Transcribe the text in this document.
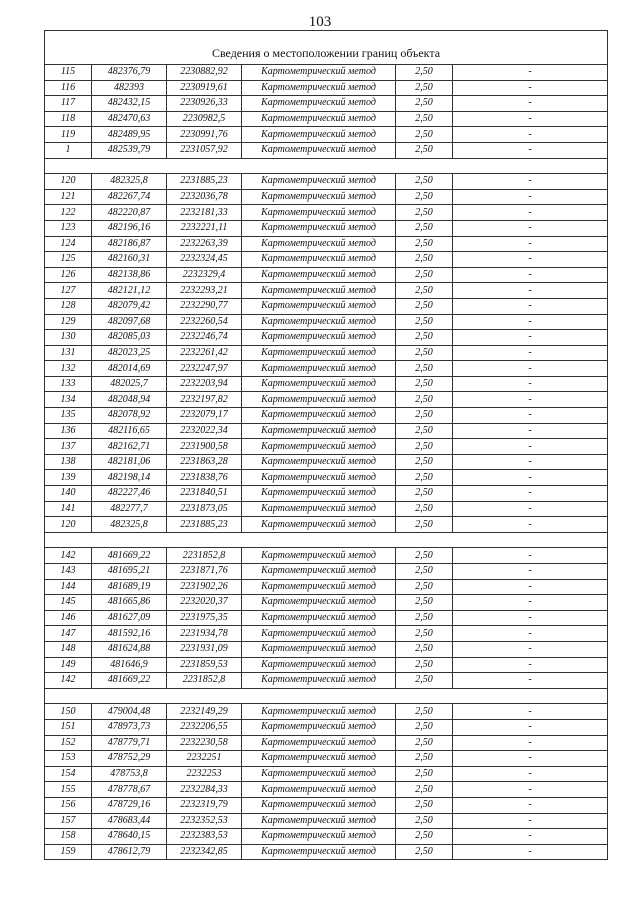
103
Сведения о местоположении границ объекта					
115	482376,79	2230882,92	Картометрический метод	2,50	-
116	482393	2230919,61	Картометрический метод	2,50	-
117	482432,15	2230926,33	Картометрический метод	2,50	-
118	482470,63	2230982,5	Картометрический метод	2,50	-
119	482489,95	2230991,76	Картометрический метод	2,50	-
1	482539,79	2231057,92	Картометрический метод	2,50	-

120	482325,8	2231885,23	Картометрический метод	2,50	-
121	482267,74	2232036,78	Картометрический метод	2,50	-
122	482220,87	2232181,33	Картометрический метод	2,50	-
123	482196,16	2232221,11	Картометрический метод	2,50	-
124	482186,87	2232263,39	Картометрический метод	2,50	-
125	482160,31	2232324,45	Картометрический метод	2,50	-
126	482138,86	2232329,4	Картометрический метод	2,50	-
127	482121,12	2232293,21	Картометрический метод	2,50	-
128	482079,42	2232290,77	Картометрический метод	2,50	-
129	482097,68	2232260,54	Картометрический метод	2,50	-
130	482085,03	2232246,74	Картометрический метод	2,50	-
131	482023,25	2232261,42	Картометрический метод	2,50	-
132	482014,69	2232247,97	Картометрический метод	2,50	-
133	482025,7	2232203,94	Картометрический метод	2,50	-
134	482048,94	2232197,82	Картометрический метод	2,50	-
135	482078,92	2232079,17	Картометрический метод	2,50	-
136	482116,65	2232022,34	Картометрический метод	2,50	-
137	482162,71	2231900,58	Картометрический метод	2,50	-
138	482181,06	2231863,28	Картометрический метод	2,50	-
139	482198,14	2231838,76	Картометрический метод	2,50	-
140	482227,46	2231840,51	Картометрический метод	2,50	-
141	482277,7	2231873,05	Картометрический метод	2,50	-
120	482325,8	2231885,23	Картометрический метод	2,50	-

142	481669,22	2231852,8	Картометрический метод	2,50	-
143	481695,21	2231871,76	Картометрический метод	2,50	-
144	481689,19	2231902,26	Картометрический метод	2,50	-
145	481665,86	2232020,37	Картометрический метод	2,50	-
146	481627,09	2231975,35	Картометрический метод	2,50	-
147	481592,16	2231934,78	Картометрический метод	2,50	-
148	481624,88	2231931,09	Картометрический метод	2,50	-
149	481646,9	2231859,53	Картометрический метод	2,50	-
142	481669,22	2231852,8	Картометрический метод	2,50	-

150	479004,48	2232149,29	Картометрический метод	2,50	-
151	478973,73	2232206,55	Картометрический метод	2,50	-
152	478779,71	2232230,58	Картометрический метод	2,50	-
153	478752,29	2232251	Картометрический метод	2,50	-
154	478753,8	2232253	Картометрический метод	2,50	-
155	478778,67	2232284,33	Картометрический метод	2,50	-
156	478729,16	2232319,79	Картометрический метод	2,50	-
157	478683,44	2232352,53	Картометрический метод	2,50	-
158	478640,15	2232383,53	Картометрический метод	2,50	-
159	478612,79	2232342,85	Картометрический метод	2,50	-
